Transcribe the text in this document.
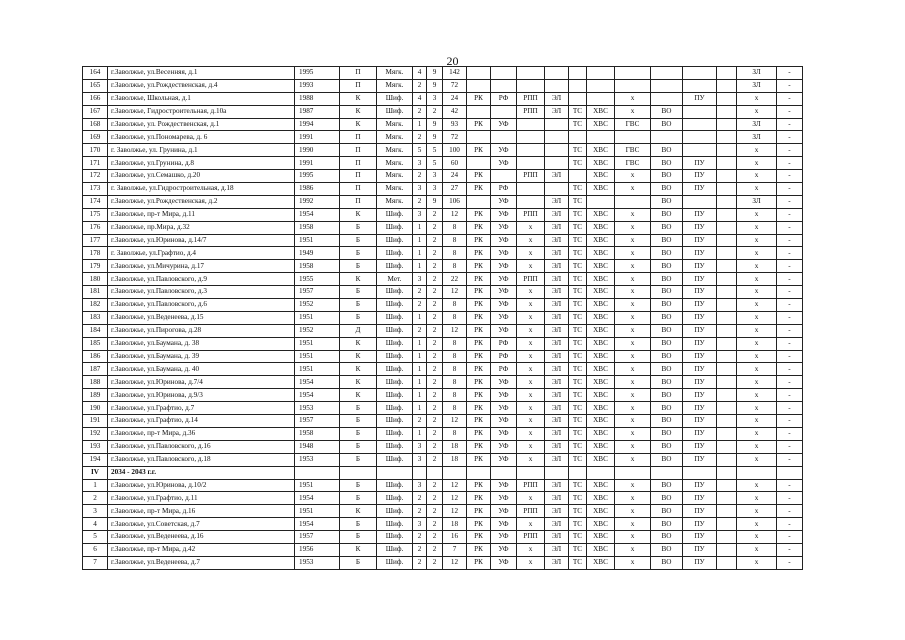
20
164	г.Заволжье, ул.Весенняя, д.1	1995	П	Мягк.	4	9	142											ЗЛ	-
165	г.Заволжье, ул.Рождественская, д.4	1993	П	Мягк.	2	9	72											ЗЛ	-
166	г.Заволжье, Школьная, д.1	1988	К	Шиф.	4	3	24	РК	РФ	РПП	ЭЛ			х		ПУ		х	-
167	г.Заволжье, Гидростроительная, д.10а	1987	К	Шиф.	2	2	42			РПП	ЭЛ	ТС	ХВС	х	ВО			х	-
168	г.Заволжье, ул. Рождественская, д.1	1994	К	Мягк.	1	9	93	РК	УФ			ТС	ХВС	ГВС	ВО			ЗЛ	-
169	г.Заволжье, ул.Пономарева, д. 6	1991	П	Мягк.	2	9	72											ЗЛ	-
170	г. Заволжье, ул. Грунина, д.1	1990	П	Мягк.	5	5	100	РК	УФ			ТС	ХВС	ГВС	ВО			х	-
171	г.Заволжье, ул.Грунина, д.8	1991	П	Мягк.	3	5	60		УФ			ТС	ХВС	ГВС	ВО	ПУ		х	-
172	г.Заволжье, ул.Семашко, д.20	1995	П	Мягк.	2	3	24	РК		РПП	ЭЛ		ХВС	х	ВО	ПУ		х	-
173	г. Заволжье, ул.Гидростроительная, д.18	1986	П	Мягк.	3	3	27	РК	РФ			ТС	ХВС	х	ВО	ПУ		х	-
174	г.Заволжье, ул.Рождественская, д.2	1992	П	Мягк.	2	9	106		УФ		ЭЛ	ТС			ВО			ЗЛ	-
175	г.Заволжье, пр-т Мира, д.11	1954	К	Шиф.	3	2	12	РК	УФ	РПП	ЭЛ	ТС	ХВС	х	ВО	ПУ		х	-
176	г.Заволжье, пр.Мира, д.32	1958	Б	Шиф.	1	2	8	РК	УФ	х	ЭЛ	ТС	ХВС	х	ВО	ПУ		х	-
177	г.Заволжье, ул.Юринова, д.14/7	1951	Б	Шиф.	1	2	8	РК	УФ	х	ЭЛ	ТС	ХВС	х	ВО	ПУ		х	-
178	г. Заволжье, ул.Графтио, д.4	1949	Б	Шиф.	1	2	8	РК	УФ	х	ЭЛ	ТС	ХВС	х	ВО	ПУ		х	-
179	г.Заволжье, ул.Мичурина, д.17	1958	Б	Шиф.	1	2	8	РК	УФ	х	ЭЛ	ТС	ХВС	х	ВО	ПУ		х	-
180	г.Заволжье, ул.Павловского, д.9	1955	К	Мет.	3	2	22	РК	УФ	РПП	ЭЛ	ТС	ХВС	х	ВО	ПУ		х	-
181	г.Заволжье, ул.Павловского, д.3	1957	Б	Шиф.	2	2	12	РК	УФ	х	ЭЛ	ТС	ХВС	х	ВО	ПУ		х	-
182	г.Заволжье, ул.Павловского, д.6	1952	Б	Шиф.	2	2	8	РК	УФ	х	ЭЛ	ТС	ХВС	х	ВО	ПУ		х	-
183	г.Заволжье, ул.Веденеева, д.15	1951	Б	Шиф.	1	2	8	РК	УФ	х	ЭЛ	ТС	ХВС	х	ВО	ПУ		х	-
184	г.Заволжье, ул.Пирогова, д.28	1952	Д	Шиф.	2	2	12	РК	УФ	х	ЭЛ	ТС	ХВС	х	ВО	ПУ		х	-
185	г.Заволжье, ул.Баумана, д. 38	1951	К	Шиф.	1	2	8	РК	РФ	х	ЭЛ	ТС	ХВС	х	ВО	ПУ		х	-
186	г.Заволжье, ул.Баумана, д. 39	1951	К	Шиф.	1	2	8	РК	РФ	х	ЭЛ	ТС	ХВС	х	ВО	ПУ		х	-
187	г.Заволжье, ул.Баумана, д. 40	1951	К	Шиф.	1	2	8	РК	РФ	х	ЭЛ	ТС	ХВС	х	ВО	ПУ		х	-
188	г.Заволжье, ул.Юринова, д.7/4	1954	К	Шиф.	1	2	8	РК	УФ	х	ЭЛ	ТС	ХВС	х	ВО	ПУ		х	-
189	г.Заволжье, ул.Юринова, д.9/3	1954	К	Шиф.	1	2	8	РК	УФ	х	ЭЛ	ТС	ХВС	х	ВО	ПУ		х	-
190	г.Заволжье, ул.Графтио, д.7	1953	Б	Шиф.	1	2	8	РК	УФ	х	ЭЛ	ТС	ХВС	х	ВО	ПУ		х	-
191	г.Заволжье, ул.Графтио, д.14	1957	Б	Шиф.	2	2	12	РК	УФ	х	ЭЛ	ТС	ХВС	х	ВО	ПУ		х	-
192	г.Заволжье, пр-т Мира, д.36	1958	Б	Шиф.	1	2	8	РК	УФ	х	ЭЛ	ТС	ХВС	х	ВО	ПУ		х	-
193	г.Заволжье, ул.Павловского, д.16	1948	Б	Шиф.	3	2	18	РК	УФ	х	ЭЛ	ТС	ХВС	х	ВО	ПУ		х	-
194	г.Заволжье, ул.Павловского, д.18	1953	Б	Шиф.	3	2	18	РК	УФ	х	ЭЛ	ТС	ХВС	х	ВО	ПУ		х	-
IV	2034 - 2043 г.г.																		
1	г.Заволжье, ул.Юринова, д.10/2	1951	Б	Шиф.	3	2	12	РК	УФ	РПП	ЭЛ	ТС	ХВС	х	ВО	ПУ		х	-
2	г.Заволжье, ул.Графтио, д.11	1954	Б	Шиф.	2	2	12	РК	УФ	х	ЭЛ	ТС	ХВС	х	ВО	ПУ		х	-
3	г.Заволжье, пр-т Мира, д.16	1951	К	Шиф.	2	2	12	РК	УФ	РПП	ЭЛ	ТС	ХВС	х	ВО	ПУ		х	-
4	г.Заволжье, ул.Советская, д.7	1954	Б	Шиф.	3	2	18	РК	УФ	х	ЭЛ	ТС	ХВС	х	ВО	ПУ		х	-
5	г.Заволжье, ул.Веденеева, д.16	1957	Б	Шиф.	2	2	16	РК	УФ	РПП	ЭЛ	ТС	ХВС	х	ВО	ПУ		х	-
6	г.Заволжье, пр-т Мира, д.42	1956	К	Шиф.	2	2	7	РК	УФ	х	ЭЛ	ТС	ХВС	х	ВО	ПУ		х	-
7	г.Заволжье, ул.Веденеева, д.7	1953	Б	Шиф.	2	2	12	РК	УФ	х	ЭЛ	ТС	ХВС	х	ВО	ПУ		х	-
